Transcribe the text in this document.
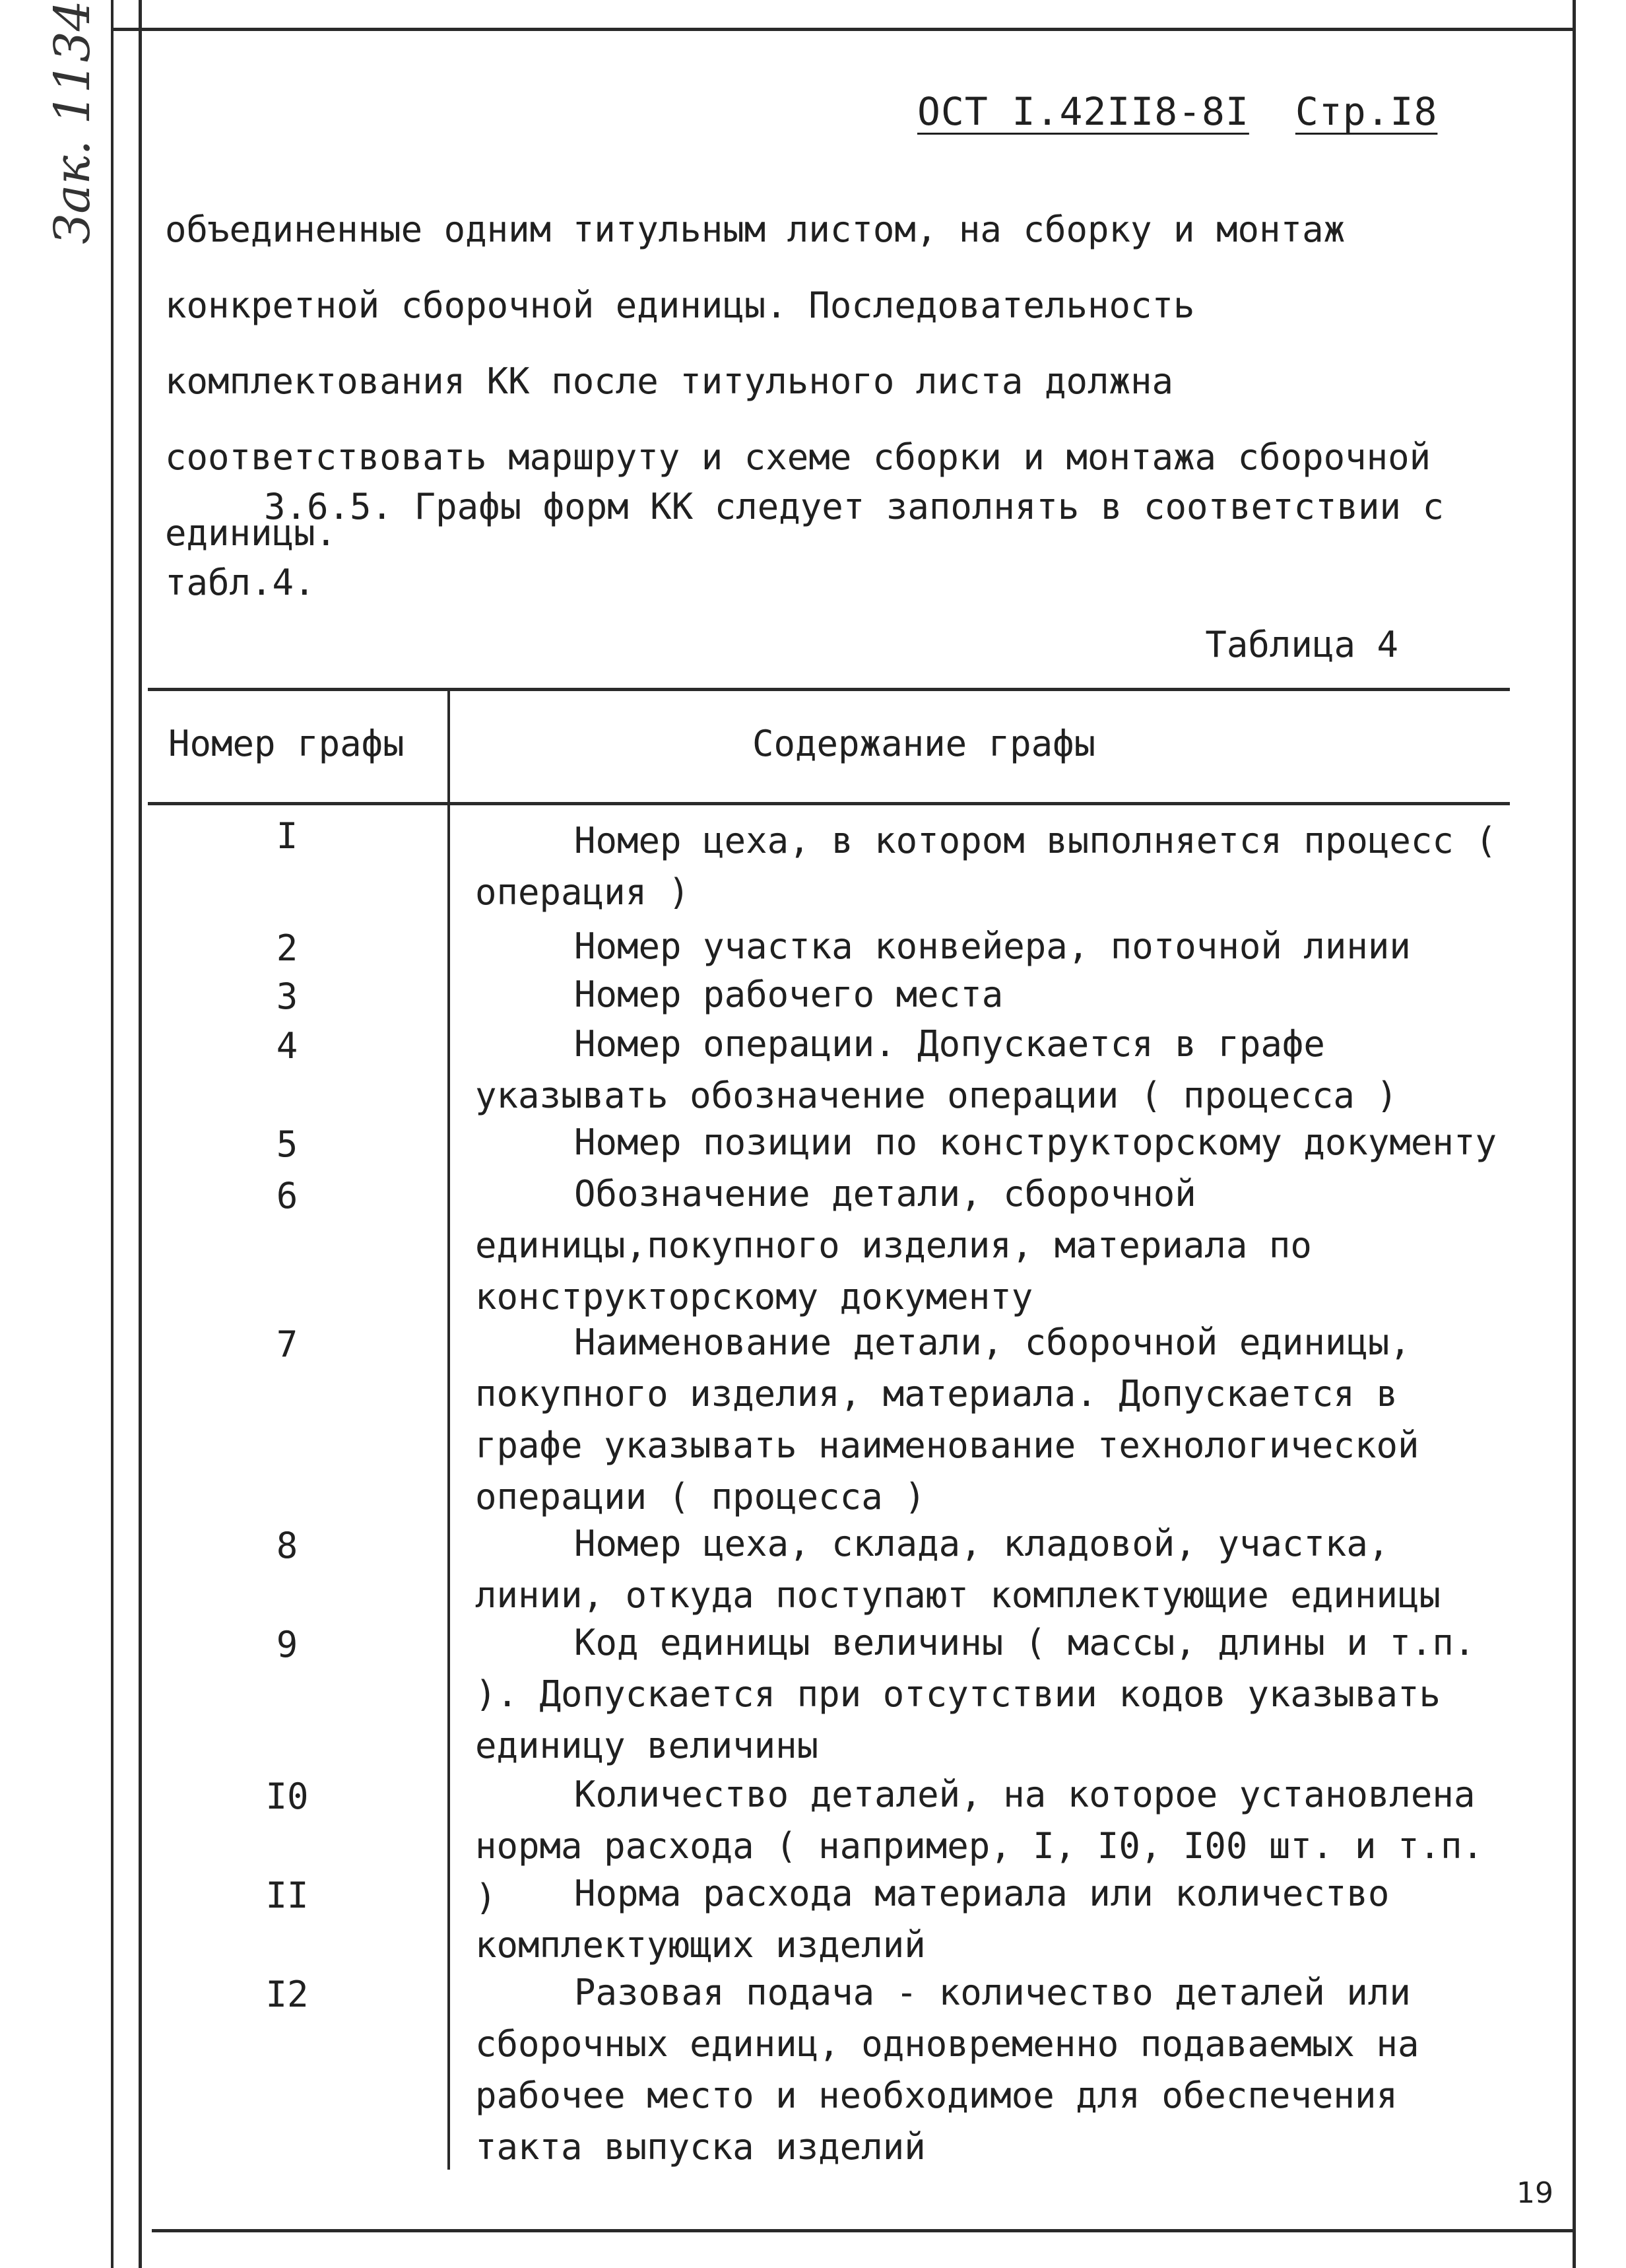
Зак. 1134	ОСТ I.42II8-8I Стр.I8

объединенные одним титульным листом, на сборку и монтаж конкретной сборочной единицы. Последовательность комплектования КК после титульного листа должна соответствовать маршруту и схеме сборки и монтажа сборочной единицы.

3.6.5. Графы форм КК следует заполнять в соответствии с табл.4.

Таблица 4
Номер графы	Содержание графы
I	Номер цеха, в котором выполняется процесс ( операция )

2	Номер участка конвейера, поточной линии

3	Номер рабочего места

4	Номер операции. Допускается в графе указывать обозначение операции ( процесса )

5	Номер позиции по конструкторскому документу

6	Обозначение детали, сборочной единицы,покупного изделия, материала по конструкторскому документу

7	Наименование детали, сборочной единицы, покупного изделия, материала. Допускается в графе указывать наименование технологической операции ( процесса )

8	Номер цеха, склада, кладовой, участка, линии, откуда поступают комплектующие единицы

9	Код единицы величины ( массы, длины и т.п. ). Допускается при отсутствии кодов указывать единицу величины

I0	Количество деталей, на которое установлена норма расхода ( например, I, I0, I00 шт. и т.п. )

II	Норма расхода материала или количество комплектующих изделий

I2	Разовая подача - количество деталей или сборочных единиц, одновременно подаваемых на рабочее место и необходимое для обеспечения такта выпуска изделий

19
